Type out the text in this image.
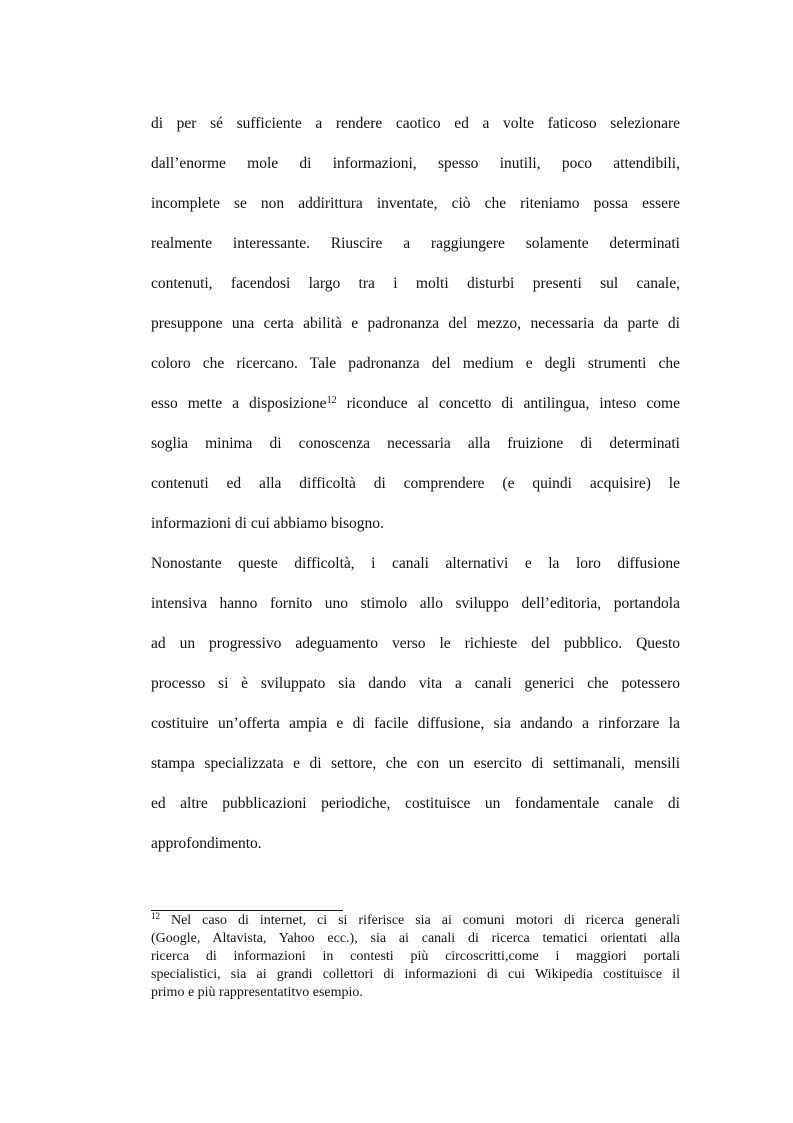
di per sé sufficiente a rendere caotico ed a volte faticoso selezionare
dall’enorme mole di informazioni, spesso inutili, poco attendibili,
incomplete se non addirittura inventate, ciò che riteniamo possa essere
realmente interessante. Riuscire a raggiungere solamente determinati
contenuti, facendosi largo tra i molti disturbi presenti sul canale,
presuppone una certa abilità e padronanza del mezzo, necessaria da parte di
coloro che ricercano. Tale padronanza del medium e degli strumenti che
esso mette a disposizione$^{12}$ riconduce al concetto di antilingua, inteso come
soglia minima di conoscenza necessaria alla fruizione di determinati
contenuti ed alla difficoltà di comprendere (e quindi acquisire) le
informazioni di cui abbiamo bisogno.
Nonostante queste difficoltà, i canali alternativi e la loro diffusione
intensiva hanno fornito uno stimolo allo sviluppo dell’editoria, portandola
ad un progressivo adeguamento verso le richieste del pubblico. Questo
processo si è sviluppato sia dando vita a canali generici che potessero
costituire un’offerta ampia e di facile diffusione, sia andando a rinforzare la
stampa specializzata e di settore, che con un esercito di settimanali, mensili
ed altre pubblicazioni periodiche, costituisce un fondamentale canale di
approfondimento.
$^{12}$ Nel caso di internet, ci si riferisce sia ai comuni motori di ricerca generali
(Google, Altavista, Yahoo ecc.), sia ai canali di ricerca tematici orientati alla
ricerca di informazioni in contesti più circoscritti,come i maggiori portali
specialistici, sia ai grandi collettori di informazioni di cui Wikipedia costituisce il
primo e più rappresentatitvo esempio.
